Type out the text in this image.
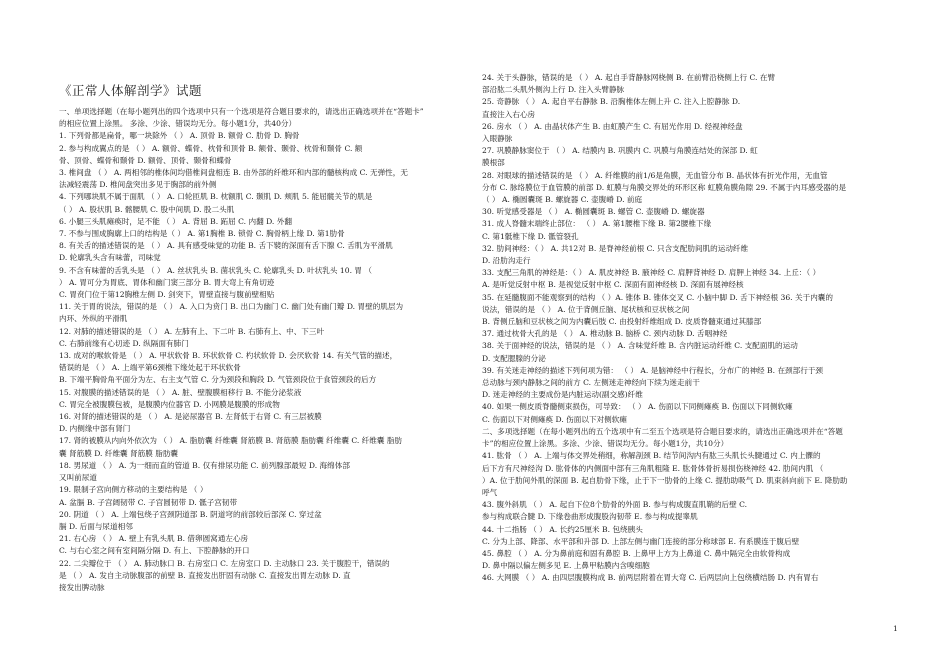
《正常人体解剖学》试题
一、单项选择题（在每小题列出的四个选项中只有一个选项是符合题目要求的，请选出正确选项并在“答题卡”
的相应位置上涂黑。 多涂、少涂、错误均无分。每小题1分，共40分）
1. 下列骨都是扁骨，哪一块除外 （ ） A. 顶骨 B. 额骨 C. 肋骨 D. 胸骨
2. 参与构成翼点的是 （ ） A. 额骨、蝶骨、枕骨和顶骨 B. 额骨、颞骨、枕骨和颞骨 C. 额
骨、顶骨、蝶骨和颞骨 D. 额骨、顶骨、颞骨和蝶骨
3. 椎间盘 （ ） A. 两相邻的椎体间均借椎间盘相连 B. 由外部的纤维环和内部的髓核构成 C. 无弹性，无
法减轻震荡 D. 椎间盘突出多见于胸部的前外侧
4. 下列哪块肌不属于面肌 （ ） A. 口轮匝肌 B. 枕额肌 C. 颞肌 D. 颊肌 5. 能屈髋关节的肌是
（ ） A. 股状肌 B. 髂腰肌 C. 股中间肌 D. 股二头肌
6. 小腿三头肌瘫痪时，足不能 （ ） A. 背屈 B. 跖屈 C. 内翻 D. 外翻
7. 不参与围成胸廓上口的结构是（ ） A. 第1胸椎 B. 锁骨 C. 胸骨柄上缘 D. 第1肋骨
8. 有关舌的描述错误的是 （ ） A. 具有感受味觉的功能 B. 舌下襞的深面有舌下腺 C. 舌肌为平滑肌
D. 轮廓乳头含有味蕾，司味觉
9. 不含有味蕾的舌乳头是 （ ） A. 丝状乳头 B. 菌状乳头 C. 轮廓乳头 D. 叶状乳头 10. 胃 （
） A. 胃可分为胃底、胃体和幽门窦三部分 B. 胃大弯上有角切迹
C. 胃贲门位于第12胸椎左侧 D. 剑突下，胃壁直接与腹前壁相贴
11. 关于胃的说法，错误的是 （ ） A. 入口为贲门 B. 出口为幽门 C. 幽门处有幽门瓣 D. 胃壁的肌层为
内环、外纵的平滑肌
12. 对肺的描述错误的是 （ ） A. 左肺有上、下二叶 B. 右肺有上、中、下三叶
C. 右肺前缘有心切迹 D. 纵隔面有肺门
13. 成对的喉软骨是 （ ） A. 甲状软骨 B. 环状软骨 C. 杓状软骨 D. 会厌软骨 14. 有关气管的描述，
错误的是 （ ） A. 上端平第6颈椎下缘处起于环状软骨
B. 下端平胸骨角平面分为左、右主支气管 C. 分为颈段和胸段 D. 气管颈段位于食管颈段的后方
15. 对腹膜的描述错误的是 （ ） A. 脏、壁腹膜相移行 B. 不能分泌浆液
C. 胃完全被腹膜包被，是腹膜内位器官 D. 小网膜是腹膜的形成物
16. 对肾的描述错误的是 （ ） A. 是泌尿器官 B. 左肾低于右肾 C. 有三层被膜
D. 内侧缘中部有肾门
17. 肾的被膜从内向外依次为 （ ） A. 脂肪囊 纤维囊 肾筋膜 B. 肾筋膜 脂肪囊 纤维囊 C. 纤维囊 脂肪
囊 肾筋膜 D. 纤维囊 肾筋膜 脂肪囊
18. 男尿道 （ ） A. 为一细而直的管道 B. 仅有排尿功能 C. 前列腺部最短 D. 海绵体部
又叫前尿道
19. 限制子宫向侧方移动的主要结构是 （ ）
A. 盆膈 B. 子宫阔韧带 C. 子宫圆韧带 D. 骶子宫韧带
20. 阴道 （ ） A. 上端包绕子宫颈阴道部 B. 阴道穹的前部较后部深 C. 穿过盆
膈 D. 后面与尿道相邻
21. 右心房 （ ） A. 壁上有乳头肌 B. 借卵圆窝通左心房
C. 与右心室之间有室间隔分隔 D. 有上、下腔静脉的开口
22. 二尖瓣位于 （ ） A. 肺动脉口 B. 右房室口 C. 左房室口 D. 主动脉口 23. 关于腹腔干，错误的
是 （ ） A. 发自主动脉腹部的前壁 B. 直接发出肝固有动脉 C. 直接发出胃左动脉 D. 直
接发出脾动脉
24. 关于头静脉，错误的是 （ ） A. 起自手背静脉网桡侧 B. 在前臂沿桡侧上行 C. 在臂
部沿肱二头肌外侧沟上行 D. 注入头臂静脉
25. 奇静脉 （ ） A. 起自平右静脉 B. 沿胸椎体左侧上升 C. 注入上腔静脉 D.
直接注入右心房
26. 房水 （ ） A. 由晶状体产生 B. 由虹膜产生 C. 有屈光作用 D. 经视神经盘
入眼静脉
27. 巩膜静脉窦位于 （ ） A. 结膜内 B. 巩膜内 C. 巩膜与角膜连结处的深部 D. 虹
膜根部
28. 对眼球的描述错误的是 （ ） A. 纤维膜的前1/6是角膜，无血管分布 B. 晶状体有折光作用，无血管
分布 C. 脉络膜位于血管膜的前部 D. 虹膜与角膜交界处的环形区称 虹膜角膜角隙 29. 不属于内耳感受器的是
（ ） A. 椭圆囊斑 B. 螺旋器 C. 壶腹嵴 D. 前庭
30. 听觉感受器是 （ ） A. 椭圆囊斑 B. 螺管 C. 壶腹嵴 D. 螺旋器
31. 成人脊髓末端终止部位： （ ） A. 第1腰椎下缘 B. 第2腰椎下缘
C. 第1骶椎下缘 D. 骶管裂孔
32. 肋间神经：（ ） A. 共12对 B. 是脊神经前根 C. 只含支配肋间肌的运动纤维
D. 沿肋沟走行
33. 支配三角肌的神经是：（ ） A. 肌皮神经 B. 腋神经 C. 肩胛背神经 D. 肩胛上神经 34. 上丘：（ ）
A. 是听觉反射中枢 B. 是视觉反射中枢 C. 深面有面神经核 D. 深面有展神经核
35. 在延髓腹面不能观察到的结构 （ ）A. 锥体 B. 锥体交叉 C. 小脑中脚 D. 舌下神经根 36. 关于内囊的
说法，错误的是 （ ） A. 位于背侧丘脑、尾状核和豆状核之间
B. 背侧丘脑和豆状核之间为内囊后肢 C. 由投射纤维组成 D. 皮质脊髓束通过其膝部
37. 通过枕骨大孔的是 （ ） A. 椎动脉 B. 脑桥 C. 颈内动脉 D. 舌咽神经
38. 关于面神经的说法，错误的是 （ ） A. 含味觉纤维 B. 含内脏运动纤维 C. 支配面肌的运动
D. 支配腮腺的分泌
39. 有关迷走神经的描述下列何项为错： （ ） A. 是脑神经中行程长，分布广的神经 B. 在颈部行于颈
总动脉与颈内静脉之间的前方 C. 左侧迷走神经向下续为迷走前干
D. 迷走神经的主要成份是内脏运动(副交感)纤维
40. 如果一侧皮质脊髓侧束损伤，可导致： （ ） A. 伤面以下同侧瘫痪 B. 伤面以下同侧软瘫
C. 伤面以下对侧瘫痪 D. 伤面以下对侧软瘫
二、多项选择题（在每小题列出的五个选项中有二至五个选项是符合题目要求的，请选出正确选项并在“答题
卡”的相应位置上涂黑。多涂、少涂、错误均无分。每小题1分，共10分）
41. 肱骨 （ ） A. 上端与体交界处稍细，称解剖颈 B. 结节间沟内有肱三头肌长头腱通过 C. 内上髁的
后下方有尺神经沟 D. 肱骨体的内侧面中部有三角肌粗隆 E. 肱骨体骨折易损伤桡神经 42. 肋间内肌 （
）A. 位于肋间外肌的深面 B. 起自肋骨下缘，止于下一肋骨的上缘 C. 提肋助吸气 D. 肌束斜向前下 E. 降肋助
呼气
43. 腹外斜肌 （ ） A. 起自下位8个肋骨的外面 B. 参与构成腹直肌鞘的后壁 C.
参与构成联合腱 D. 下缘卷曲形成腹股沟韧带 E. 参与构成提睾肌
44. 十二指肠 （ ） A. 长约25厘米 B. 包绕胰头
C. 分为上部、降部、水平部和升部 D. 上部左侧与幽门连接的部分称球部 E. 有系膜连于腹后壁
45. 鼻腔 （ ） A. 分为鼻前庭和固有鼻腔 B. 上鼻甲上方为上鼻道 C. 鼻中隔完全由软骨构成
D. 鼻中隔以偏左侧多见 E. 上鼻甲粘膜内含嗅细胞
46. 大网膜 （ ） A. 由四层腹膜构成 B. 前两层附着在胃大弯 C. 后两层向上包绕横结肠 D. 内有胃右
1
